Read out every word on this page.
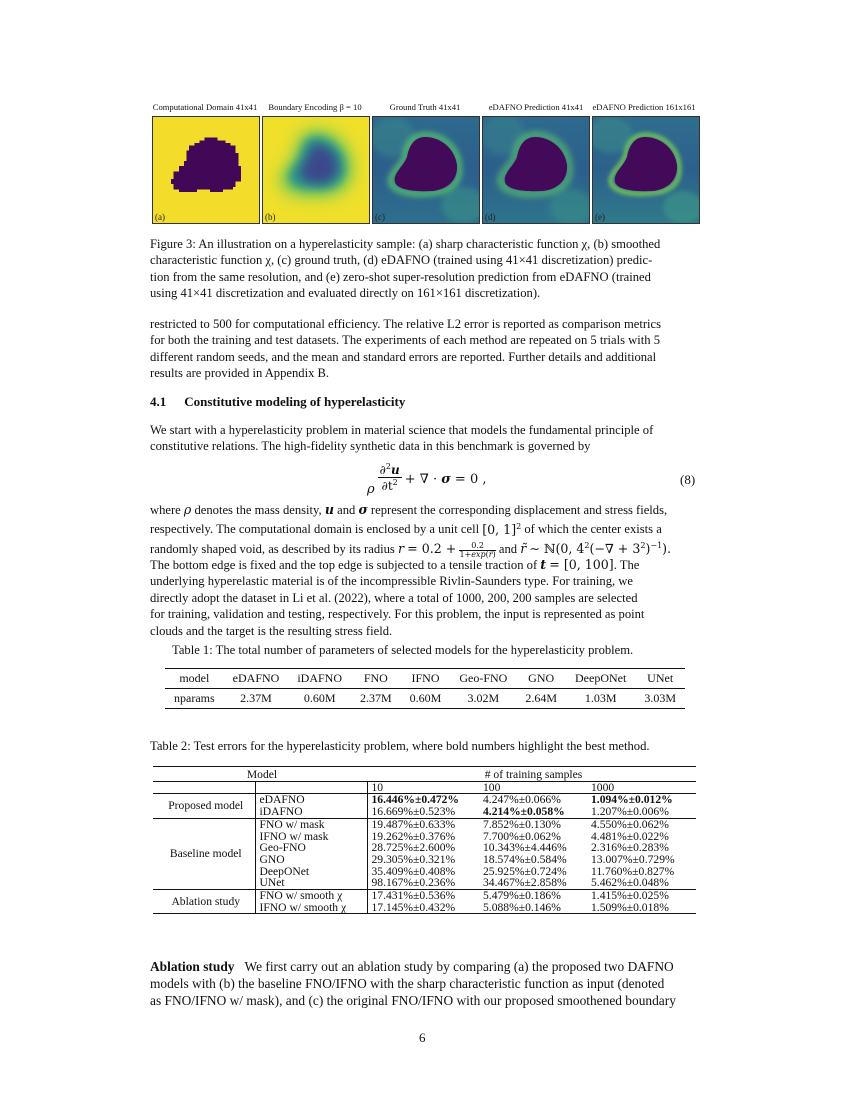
Computational Domain 41x41	Boundary Encoding β = 10	Ground Truth 41x41	eDAFNO Prediction 41x41	eDAFNO Prediction 161x161
(a)	(b)	(c)	(d)	(e)
Figure 3: An illustration on a hyperelasticity sample: (a) sharp characteristic function χ, (b) smoothed
characteristic function χ, (c) ground truth, (d) eDAFNO (trained using 41×41 discretization) predic-
tion from the same resolution, and (e) zero-shot super-resolution prediction from eDAFNO (trained
using 41×41 discretization and evaluated directly on 161×161 discretization).
restricted to 500 for computational efficiency. The relative L2 error is reported as comparison metrics
for both the training and test datasets. The experiments of each method are repeated on 5 trials with 5
different random seeds, and the mean and standard errors are reported. Further details and additional
results are provided in Appendix B.
4.1 Constitutive modeling of hyperelasticity
We start with a hyperelasticity problem in material science that models the fundamental principle of
constitutive relations. The high-fidelity synthetic data in this benchmark is governed by
ρ $\frac{\partial^2u}{\partial t^2}$ + ∇ · σ = 0 ,	(8)
where ρ denotes the mass density, u and σ represent the corresponding displacement and stress fields,
respectively. The computational domain is enclosed by a unit cell [0, 1]$^2$ of which the center exists a
randomly shaped void, as described by its radius $r = 0.2 + \frac{0.2}{1+\exp(r̃)}$ and r̃ ∼ ℕ(0, $4^2(-\nabla + 3^2)^{-1}$).
The bottom edge is fixed and the top edge is subjected to a tensile traction of t = [0, 100]. The
underlying hyperelastic material is of the incompressible Rivlin-Saunders type. For training, we
directly adopt the dataset in Li et al. (2022), where a total of 1000, 200, 200 samples are selected
for training, validation and testing, respectively. For this problem, the input is represented as point
clouds and the target is the resulting stress field.
Table 1: The total number of parameters of selected models for the hyperelasticity problem.
model	eDAFNO	iDAFNO	FNO	IFNO	Geo-FNO	GNO	DeepONet	UNet
nparams	2.37M	0.60M	2.37M	0.60M	3.02M	2.64M	1.03M	3.03M
Table 2: Test errors for the hyperelasticity problem, where bold numbers highlight the best method.
Model		# of training samples		
		10	100	1000
Proposed model	eDAFNO	16.446%±0.472%	4.247%±0.066%	1.094%±0.012%
	iDAFNO	16.669%±0.523%	4.214%±0.058%	1.207%±0.006%
Baseline model	FNO w/ mask	19.487%±0.633%	7.852%±0.130%	4.550%±0.062%
	IFNO w/ mask	19.262%±0.376%	7.700%±0.062%	4.481%±0.022%
	Geo-FNO	28.725%±2.600%	10.343%±4.446%	2.316%±0.283%
	GNO	29.305%±0.321%	18.574%±0.584%	13.007%±0.729%
	DeepONet	35.409%±0.408%	25.925%±0.724%	11.760%±0.827%
	UNet	98.167%±0.236%	34.467%±2.858%	5.462%±0.048%
Ablation study	FNO w/ smooth χ	17.431%±0.536%	5.479%±0.186%	1.415%±0.025%
	IFNO w/ smooth χ	17.145%±0.432%	5.088%±0.146%	1.509%±0.018%
Ablation study We first carry out an ablation study by comparing (a) the proposed two DAFNO
models with (b) the baseline FNO/IFNO with the sharp characteristic function as input (denoted
as FNO/IFNO w/ mask), and (c) the original FNO/IFNO with our proposed smoothened boundary
6
